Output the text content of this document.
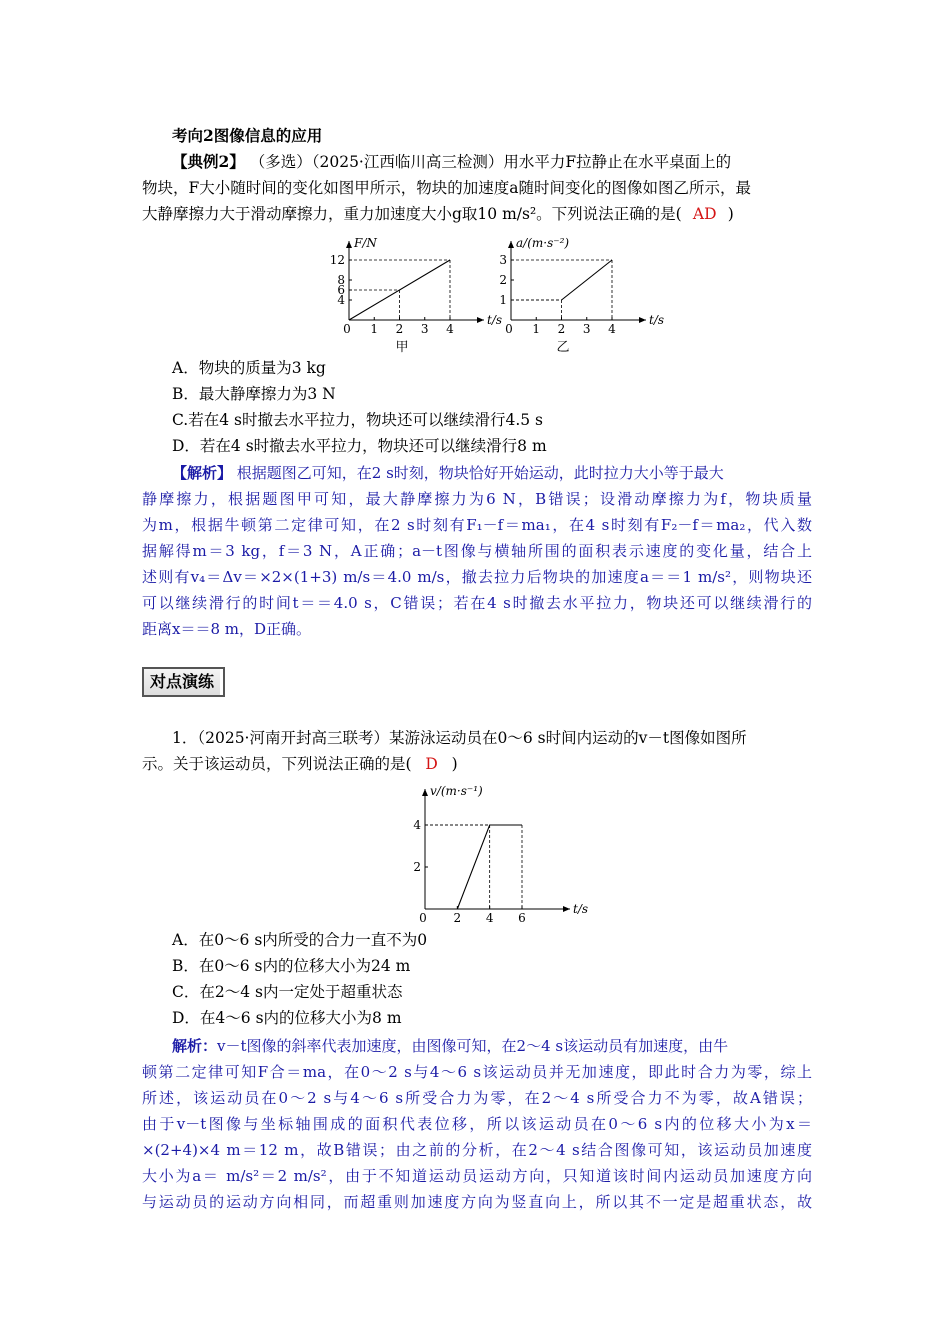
考向2图像信息的应用
【典例2】 （多选）（2025·江西临川高三检测）用水平力F拉静止在水平桌面上的
物块，F大小随时间的变化如图甲所示，物块的加速度a随时间变化的图像如图乙所示，最
大静摩擦力大于滑动摩擦力，重力加速度大小g取10 m/s²。下列说法正确的是( AD )
F/N
t/s
0 1 2 3 4
4
6
8
12
甲
a/(m·s⁻²)
t/s
0 1 2 3 4
1
2
3
乙
A．物块的质量为3 kg
B．最大静摩擦力为3 N
C.若在4 s时撤去水平拉力，物块还可以继续滑行4.5 s
D．若在4 s时撤去水平拉力，物块还可以继续滑行8 m
【解析】 根据题图乙可知，在2 s时刻，物块恰好开始运动，此时拉力大小等于最大
静摩擦力，根据题图甲可知，最大静摩擦力为6 N，B错误；设滑动摩擦力为f，物块质量
为m，根据牛顿第二定律可知，在2 s时刻有F₁－f＝ma₁，在4 s时刻有F₂－f＝ma₂，代入数
据解得m＝3 kg，f＝3 N，A正确；a－t图像与横轴所围的面积表示速度的变化量，结合上
述则有v₄＝Δv＝×2×(1+3) m/s＝4.0 m/s，撤去拉力后物块的加速度a＝＝1 m/s²，则物块还
可以继续滑行的时间t＝＝4.0 s，C错误；若在4 s时撤去水平拉力，物块还可以继续滑行的
距离x＝＝8 m，D正确。
对点演练
1．（2025·河南开封高三联考）某游泳运动员在0～6 s时间内运动的v－t图像如图所
示。关于该运动员，下列说法正确的是( D )
v/(m·s⁻¹)
t/s
0 2 4 6
2
4
A．在0～6 s内所受的合力一直不为0
B．在0～6 s内的位移大小为24 m
C．在2～4 s内一定处于超重状态
D．在4～6 s内的位移大小为8 m
解析：v－t图像的斜率代表加速度，由图像可知，在2～4 s该运动员有加速度，由牛
顿第二定律可知F合＝ma，在0～2 s与4～6 s该运动员并无加速度，即此时合力为零，综上
所述，该运动员在0～2 s与4～6 s所受合力为零，在2～4 s所受合力不为零，故A错误；
由于v－t图像与坐标轴围成的面积代表位移，所以该运动员在0～6 s内的位移大小为x＝
×(2+4)×4 m＝12 m，故B错误；由之前的分析，在2～4 s结合图像可知，该运动员加速度
大小为a＝ m/s²＝2 m/s²，由于不知道运动员运动方向，只知道该时间内运动员加速度方向
与运动员的运动方向相同，而超重则加速度方向为竖直向上，所以其不一定是超重状态，故
